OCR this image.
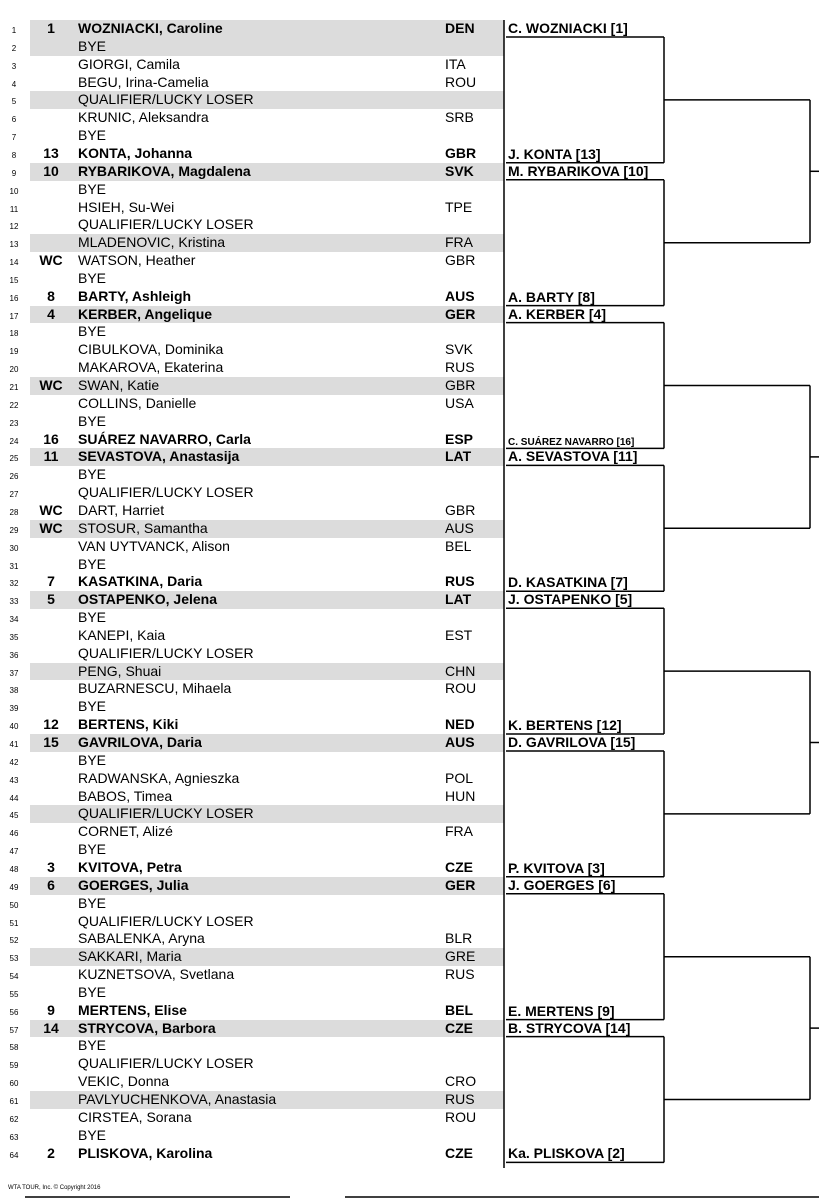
1	1	WOZNIACKI, Caroline	DEN
2	BYE
3	GIORGI, Camila	ITA
4	BEGU, Irina-Camelia	ROU
5	QUALIFIER/LUCKY LOSER
6	KRUNIC, Aleksandra	SRB
7	BYE
8	13	KONTA, Johanna	GBR
9	10	RYBARIKOVA, Magdalena	SVK
10	BYE
11	HSIEH, Su-Wei	TPE
12	QUALIFIER/LUCKY LOSER
13	MLADENOVIC, Kristina	FRA
14	WC	WATSON, Heather	GBR
15	BYE
16	8	BARTY, Ashleigh	AUS
17	4	KERBER, Angelique	GER
18	BYE
19	CIBULKOVA, Dominika	SVK
20	MAKAROVA, Ekaterina	RUS
21	WC	SWAN, Katie	GBR
22	COLLINS, Danielle	USA
23	BYE
24	16	SUÁREZ NAVARRO, Carla	ESP
25	11	SEVASTOVA, Anastasija	LAT
26	BYE
27	QUALIFIER/LUCKY LOSER
28	WC	DART, Harriet	GBR
29	WC	STOSUR, Samantha	AUS
30	VAN UYTVANCK, Alison	BEL
31	BYE
32	7	KASATKINA, Daria	RUS
33	5	OSTAPENKO, Jelena	LAT
34	BYE
35	KANEPI, Kaia	EST
36	QUALIFIER/LUCKY LOSER
37	PENG, Shuai	CHN
38	BUZARNESCU, Mihaela	ROU
39	BYE
40	12	BERTENS, Kiki	NED
41	15	GAVRILOVA, Daria	AUS
42	BYE
43	RADWANSKA, Agnieszka	POL
44	BABOS, Timea	HUN
45	QUALIFIER/LUCKY LOSER
46	CORNET, Alizé	FRA
47	BYE
48	3	KVITOVA, Petra	CZE
49	6	GOERGES, Julia	GER
50	BYE
51	QUALIFIER/LUCKY LOSER
52	SABALENKA, Aryna	BLR
53	SAKKARI, Maria	GRE
54	KUZNETSOVA, Svetlana	RUS
55	BYE
56	9	MERTENS, Elise	BEL
57	14	STRYCOVA, Barbora	CZE
58	BYE
59	QUALIFIER/LUCKY LOSER
60	VEKIC, Donna	CRO
61	PAVLYUCHENKOVA, Anastasia	RUS
62	CIRSTEA, Sorana	ROU
63	BYE
64	2	PLISKOVA, Karolina	CZE
WTA TOUR, Inc. © Copyright 2016
C. WOZNIACKI [1]
J. KONTA [13]
M. RYBARIKOVA [10]
A. BARTY [8]
A. KERBER [4]
C. SUÁREZ NAVARRO [16]
A. SEVASTOVA [11]
D. KASATKINA [7]
J. OSTAPENKO [5]
K. BERTENS [12]
D. GAVRILOVA [15]
P. KVITOVA [3]
J. GOERGES [6]
E. MERTENS [9]
B. STRYCOVA [14]
Ka. PLISKOVA [2]
